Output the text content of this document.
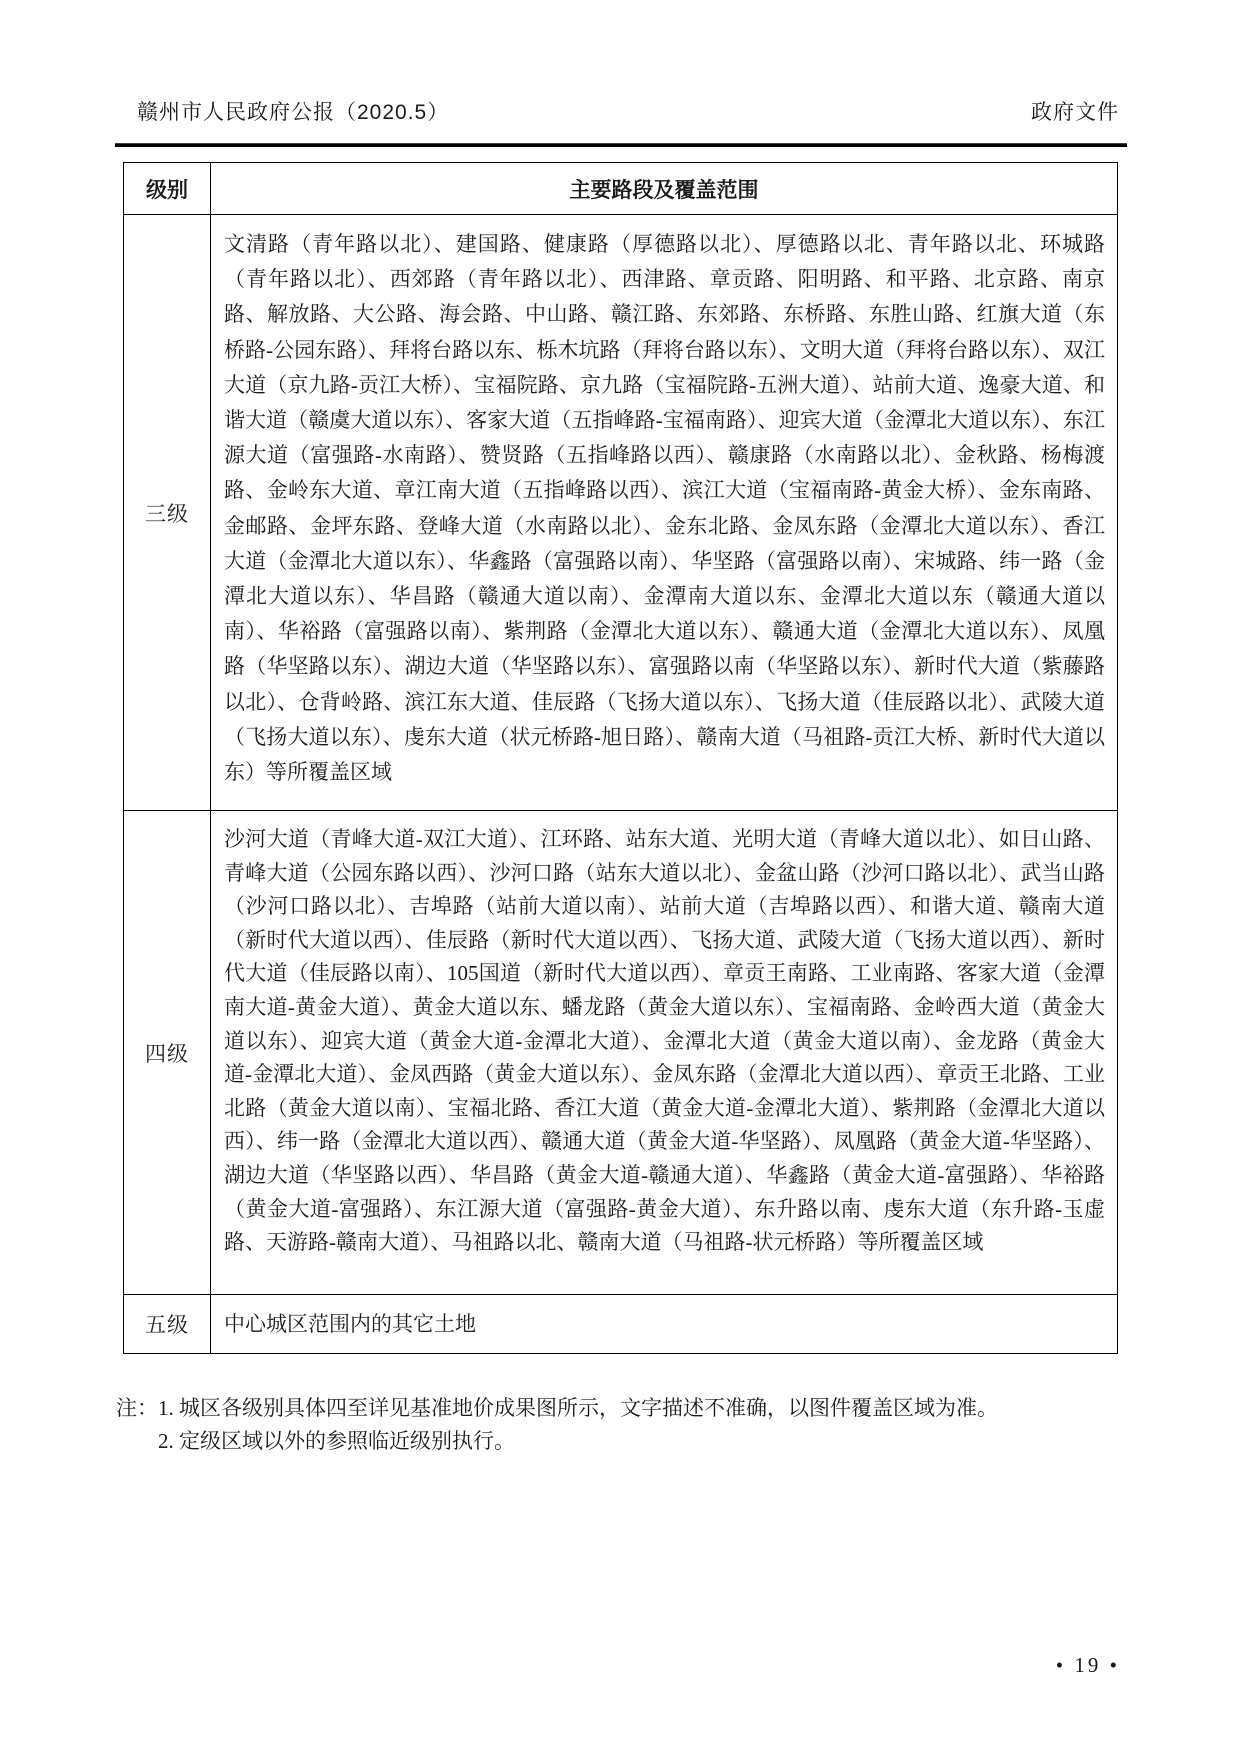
赣州市人民政府公报（2020.5）	政府文件
级别	主要路段及覆盖范围
三级	文清路（青年路以北）、建国路、健康路（厚德路以北）、厚德路以北、青年路以北、环城路（青年路以北）、西郊路（青年路以北）、西津路、章贡路、阳明路、和平路、北京路、南京路、解放路、大公路、海会路、中山路、赣江路、东郊路、东桥路、东胜山路、红旗大道（东桥路-公园东路）、拜将台路以东、栎木坑路（拜将台路以东）、文明大道（拜将台路以东）、双江大道（京九路-贡江大桥）、宝福院路、京九路（宝福院路-五洲大道）、站前大道、逸豪大道、和谐大道（赣虞大道以东）、客家大道（五指峰路-宝福南路）、迎宾大道（金潭北大道以东）、东江源大道（富强路-水南路）、赞贤路（五指峰路以西）、赣康路（水南路以北）、金秋路、杨梅渡路、金岭东大道、章江南大道（五指峰路以西）、滨江大道（宝福南路-黄金大桥）、金东南路、金邮路、金坪东路、登峰大道（水南路以北）、金东北路、金凤东路（金潭北大道以东）、香江大道（金潭北大道以东）、华鑫路（富强路以南）、华坚路（富强路以南）、宋城路、纬一路（金潭北大道以东）、华昌路（赣通大道以南）、金潭南大道以东、金潭北大道以东（赣通大道以南）、华裕路（富强路以南）、紫荆路（金潭北大道以东）、赣通大道（金潭北大道以东）、凤凰路（华坚路以东）、湖边大道（华坚路以东）、富强路以南（华坚路以东）、新时代大道（紫藤路以北）、仓背岭路、滨江东大道、佳辰路（飞扬大道以东）、飞扬大道（佳辰路以北）、武陵大道（飞扬大道以东）、虔东大道（状元桥路-旭日路）、赣南大道（马祖路-贡江大桥、新时代大道以东）等所覆盖区域

四级	沙河大道（青峰大道-双江大道）、江环路、站东大道、光明大道（青峰大道以北）、如日山路、青峰大道（公园东路以西）、沙河口路（站东大道以北）、金盆山路（沙河口路以北）、武当山路（沙河口路以北）、吉埠路（站前大道以南）、站前大道（吉埠路以西）、和谐大道、赣南大道（新时代大道以西）、佳辰路（新时代大道以西）、飞扬大道、武陵大道（飞扬大道以西）、新时代大道（佳辰路以南）、105国道（新时代大道以西）、章贡王南路、工业南路、客家大道（金潭南大道-黄金大道）、黄金大道以东、蟠龙路（黄金大道以东）、宝福南路、金岭西大道（黄金大道以东）、迎宾大道（黄金大道-金潭北大道）、金潭北大道（黄金大道以南）、金龙路（黄金大道-金潭北大道）、金凤西路（黄金大道以东）、金凤东路（金潭北大道以西）、章贡王北路、工业北路（黄金大道以南）、宝福北路、香江大道（黄金大道-金潭北大道）、紫荆路（金潭北大道以西）、纬一路（金潭北大道以西）、赣通大道（黄金大道-华坚路）、凤凰路（黄金大道-华坚路）、湖边大道（华坚路以西）、华昌路（黄金大道-赣通大道）、华鑫路（黄金大道-富强路）、华裕路（黄金大道-富强路）、东江源大道（富强路-黄金大道）、东升路以南、虔东大道（东升路-玉虚路、天游路-赣南大道）、马祖路以北、赣南大道（马祖路-状元桥路）等所覆盖区域

五级	中心城区范围内的其它土地
注： 1. 城区各级别具体四至详见基准地价成果图所示，文字描述不准确，以图件覆盖区域为准。
2. 定级区域以外的参照临近级别执行。
• 19 •
